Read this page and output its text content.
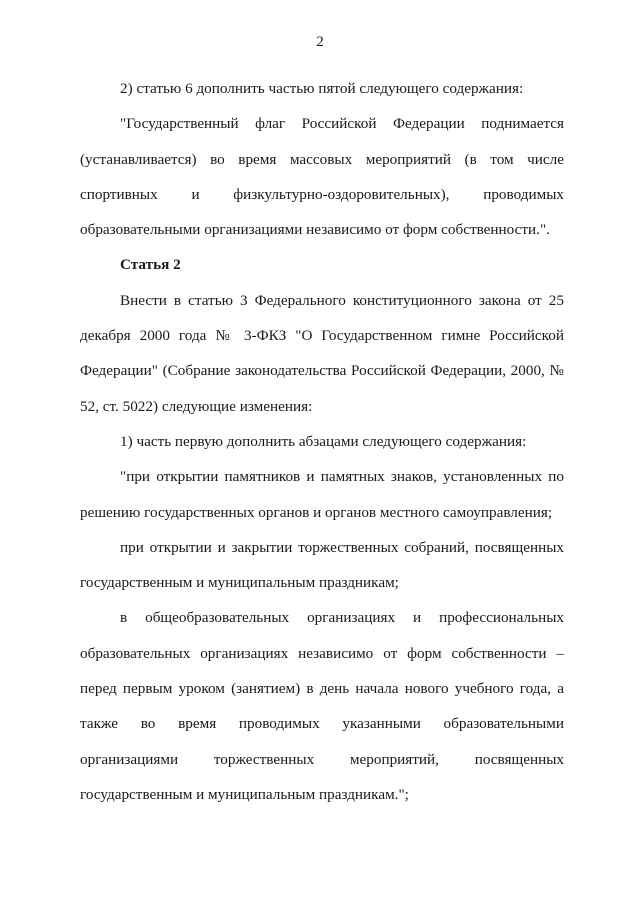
2

2) статью 6 дополнить частью пятой следующего содержания:

"Государственный флаг Российской Федерации поднимается (устанавливается) во время массовых мероприятий (в том числе спортивных и физкультурно-оздоровительных), проводимых образовательными организациями независимо от форм собственности.".

Статья 2

Внести в статью 3 Федерального конституционного закона от 25 декабря 2000 года № 3-ФКЗ "О Государственном гимне Российской Федерации" (Собрание законодательства Российской Федерации, 2000, № 52, ст. 5022) следующие изменения:

1) часть первую дополнить абзацами следующего содержания:

"при открытии памятников и памятных знаков, установленных по решению государственных органов и органов местного самоуправления;

при открытии и закрытии торжественных собраний, посвященных государственным и муниципальным праздникам;

в общеобразовательных организациях и профессиональных образовательных организациях независимо от форм собственности – перед первым уроком (занятием) в день начала нового учебного года, а также во время проводимых указанными образовательными организациями торжественных мероприятий, посвященных государственным и муниципальным праздникам.";
